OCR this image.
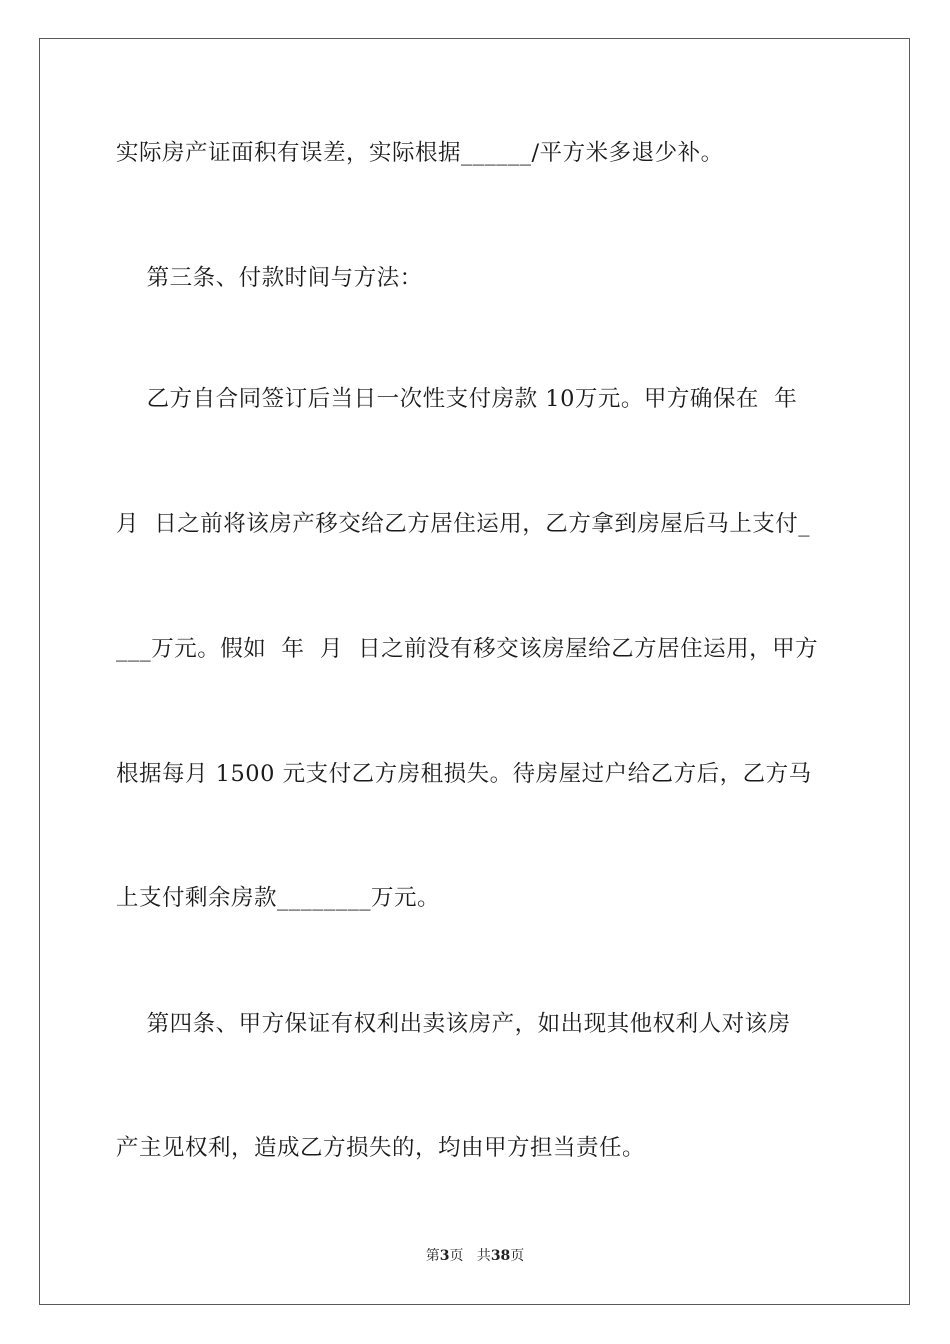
实际房产证面积有误差，实际根据______/平方米多退少补。
第三条、付款时间与方法：
乙方自合同签订后当日一次性支付房款 10万元。甲方确保在  年
月  日之前将该房产移交给乙方居住运用，乙方拿到房屋后马上支付_
___万元。假如  年  月  日之前没有移交该房屋给乙方居住运用，甲方
根据每月 1500 元支付乙方房租损失。待房屋过户给乙方后，乙方马
上支付剩余房款________万元。
第四条、甲方保证有权利出卖该房产，如出现其他权利人对该房
产主见权利，造成乙方损失的，均由甲方担当责任。
第3页 共38页
